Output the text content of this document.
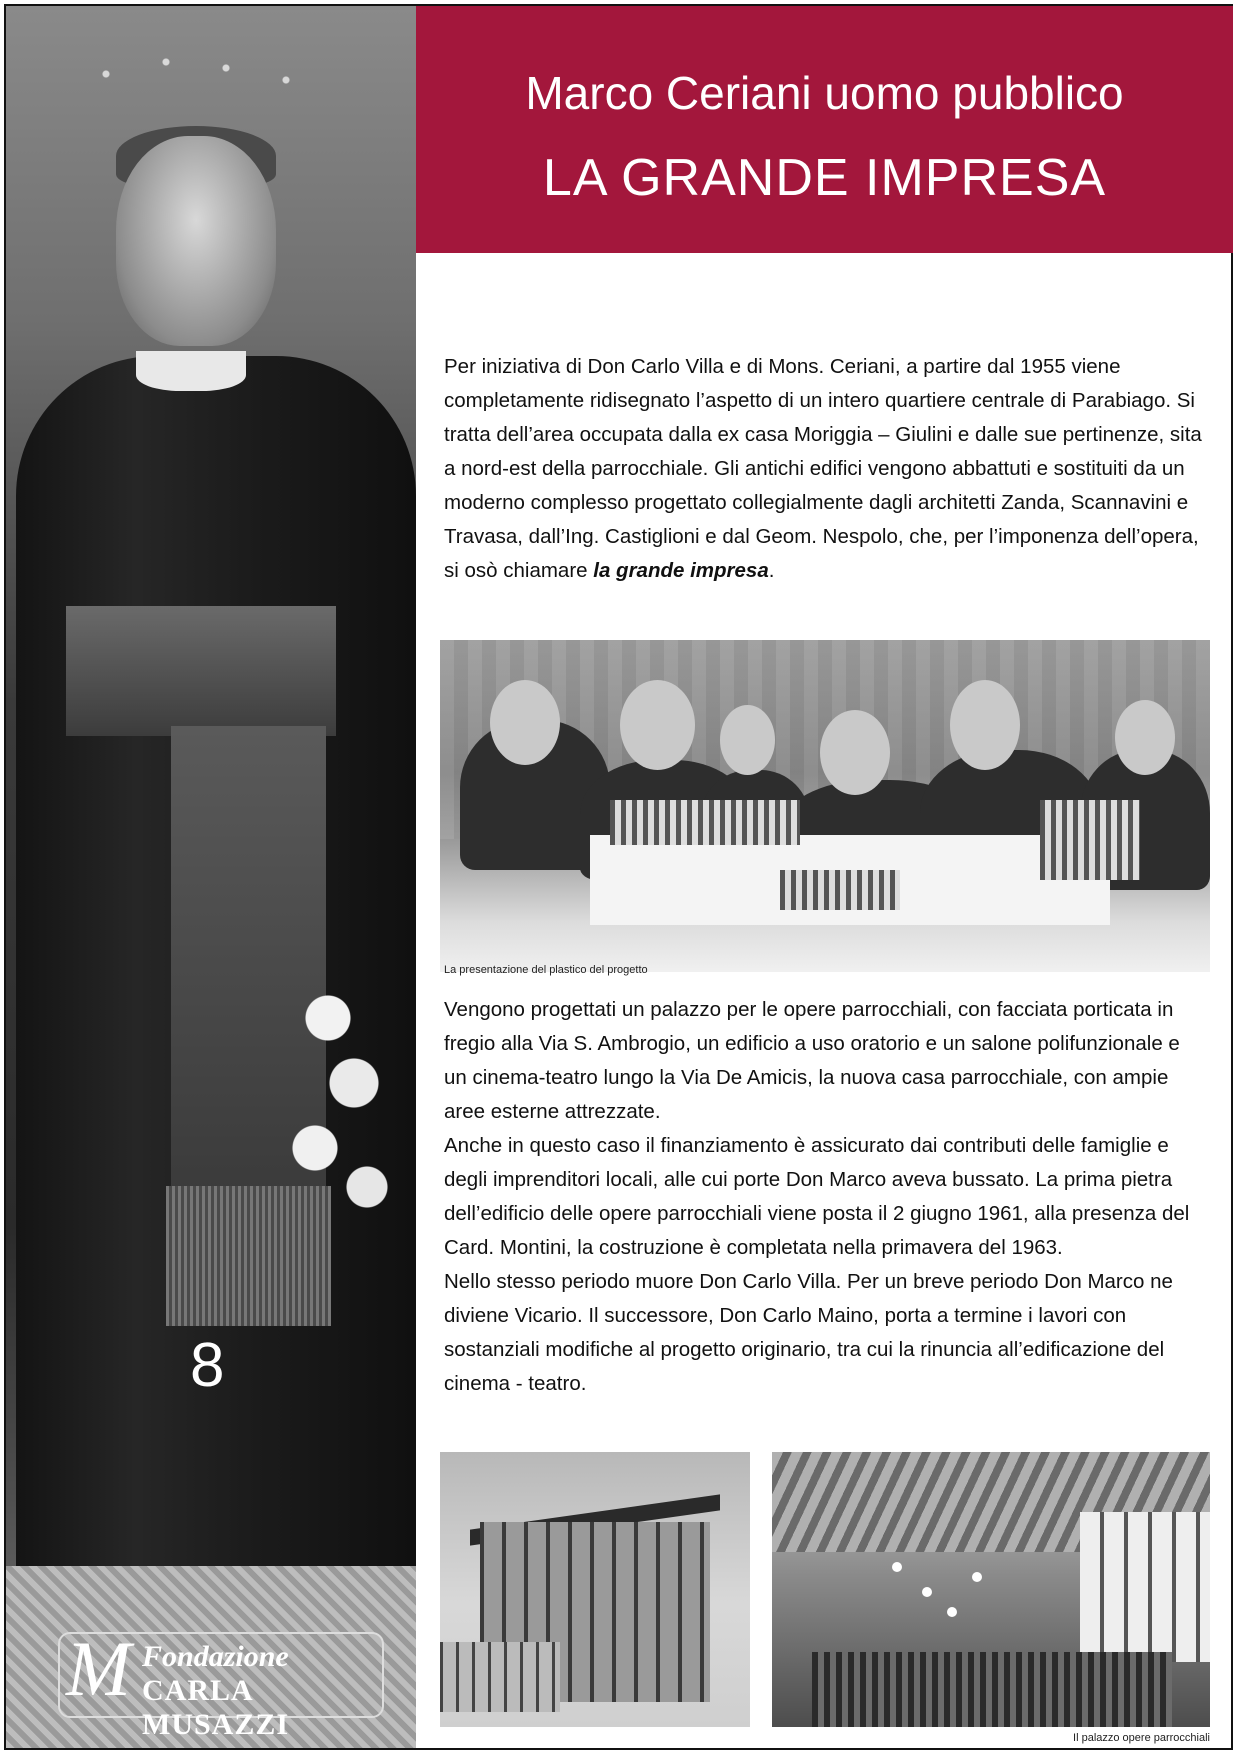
8
M Fondazione
CARLA MUSAZZI
Marco Ceriani uomo pubblico
LA GRANDE IMPRESA

Per iniziativa di Don Carlo Villa e di Mons. Ceriani, a partire dal 1955 viene completamente ridisegnato l’aspetto di un intero quartiere centrale di Parabiago. Si tratta dell’area occupata dalla ex casa Moriggia – Giulini e dalle sue pertinenze, sita a nord-est della parrocchiale. Gli antichi edifici vengono abbattuti e sostituiti da un moderno complesso progettato collegialmente dagli architetti Zanda, Scannavini e Travasa, dall’Ing. Castiglioni e dal Geom. Nespolo, che, per l’imponenza dell’opera, si osò chiamare la grande impresa.

La presentazione del plastico del progetto

Vengono progettati un palazzo per le opere parrocchiali, con facciata porticata in fregio alla Via S. Ambrogio, un edificio a uso oratorio e un salone polifunzionale e un cinema-teatro lungo la Via De Amicis, la nuova casa parrocchiale, con ampie aree esterne attrezzate.

Anche in questo caso il finanziamento è assicurato dai contributi delle famiglie e degli imprenditori locali, alle cui porte Don Marco aveva bussato. La prima pietra dell’edificio delle opere parrocchiali viene posta il 2 giugno 1961, alla presenza del Card. Montini, la costruzione è completata nella primavera del 1963.

Nello stesso periodo muore Don Carlo Villa. Per un breve periodo Don Marco ne diviene Vicario. Il successore, Don Carlo Maino, porta a termine i lavori con sostanziali modifiche al progetto originario, tra cui la rinuncia all’edificazione del cinema - teatro.

Il palazzo opere parrocchiali
